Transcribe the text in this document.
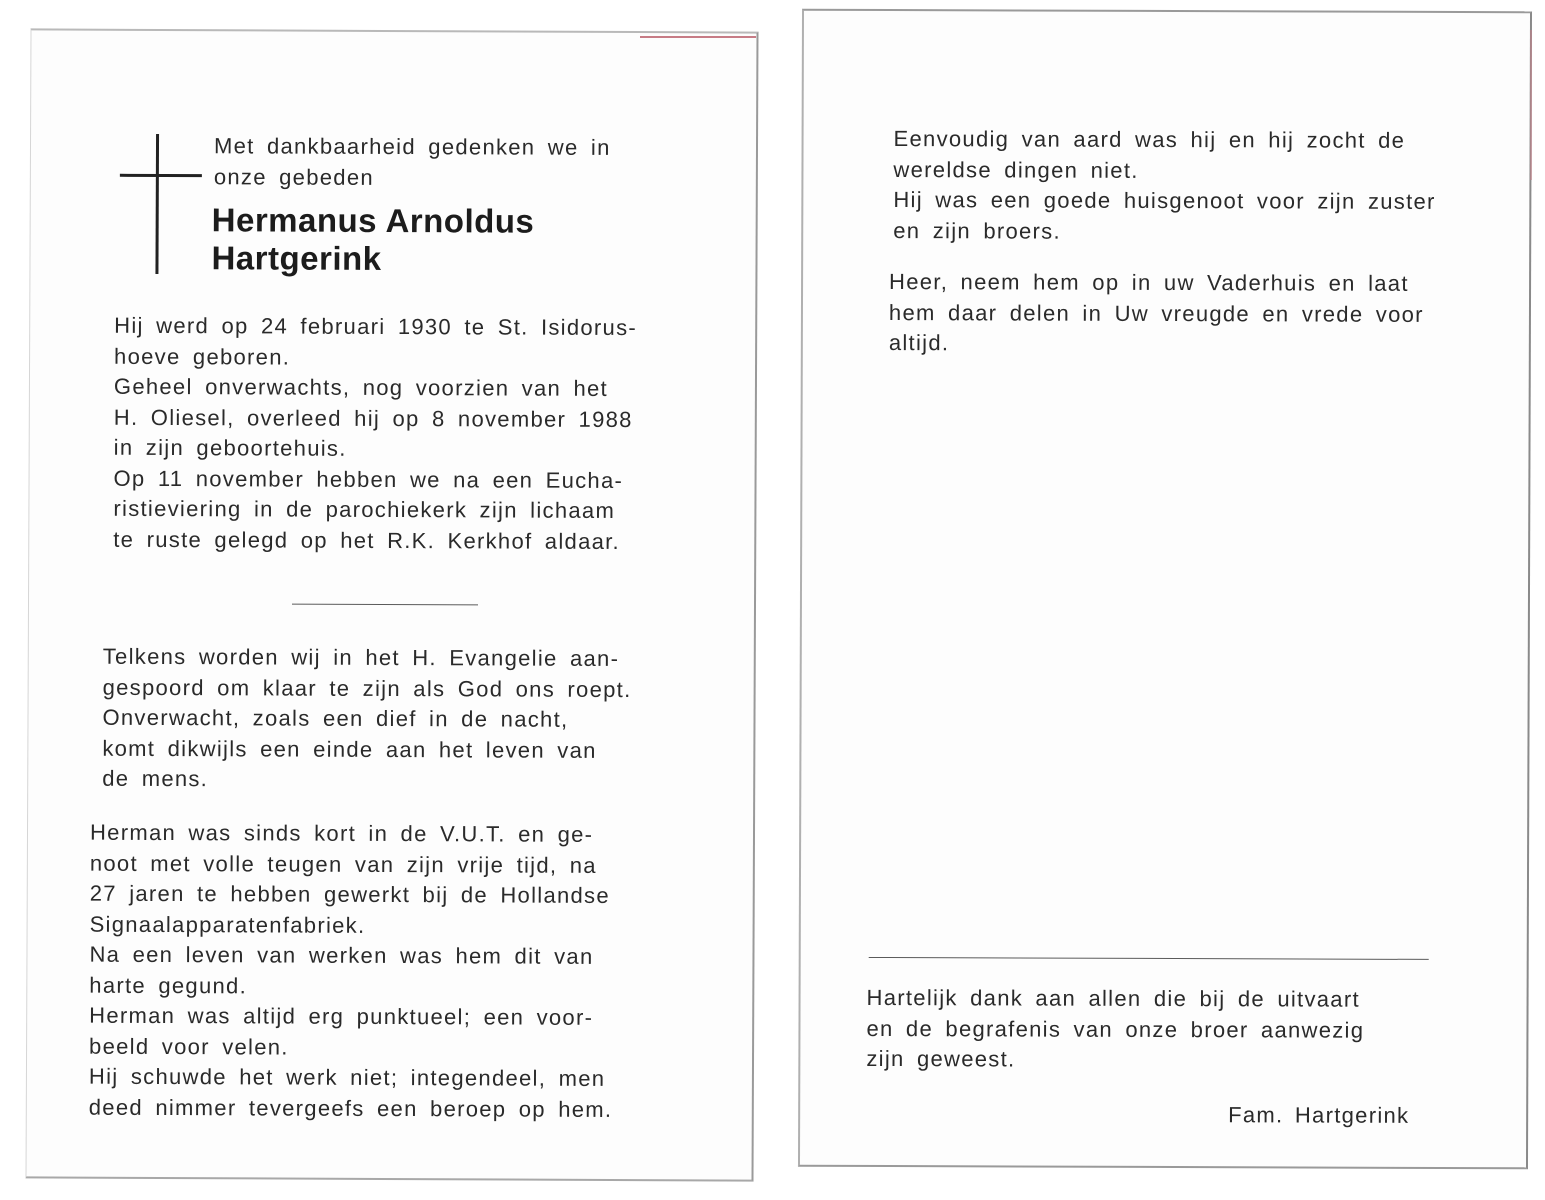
Met dankbaarheid gedenken we in
onze gebeden

Hermanus Arnoldus
Hartgerink

Hij werd op 24 februari 1930 te St. Isidorus-
hoeve geboren.
Geheel onverwachts, nog voorzien van het
H. Oliesel, overleed hij op 8 november 1988
in zijn geboortehuis.
Op 11 november hebben we na een Eucha-
ristieviering in de parochiekerk zijn lichaam
te ruste gelegd op het R.K. Kerkhof aldaar.

Telkens worden wij in het H. Evangelie aan-
gespoord om klaar te zijn als God ons roept.
Onverwacht, zoals een dief in de nacht,
komt dikwijls een einde aan het leven van
de mens.

Herman was sinds kort in de V.U.T. en ge-
noot met volle teugen van zijn vrije tijd, na
27 jaren te hebben gewerkt bij de Hollandse
Signaalapparatenfabriek.
Na een leven van werken was hem dit van
harte gegund.
Herman was altijd erg punktueel; een voor-
beeld voor velen.
Hij schuwde het werk niet; integendeel, men
deed nimmer tevergeefs een beroep op hem.

Eenvoudig van aard was hij en hij zocht de
wereldse dingen niet.
Hij was een goede huisgenoot voor zijn zuster
en zijn broers.

Heer, neem hem op in uw Vaderhuis en laat
hem daar delen in Uw vreugde en vrede voor
altijd.

Hartelijk dank aan allen die bij de uitvaart
en de begrafenis van onze broer aanwezig
zijn geweest.

Fam. Hartgerink
